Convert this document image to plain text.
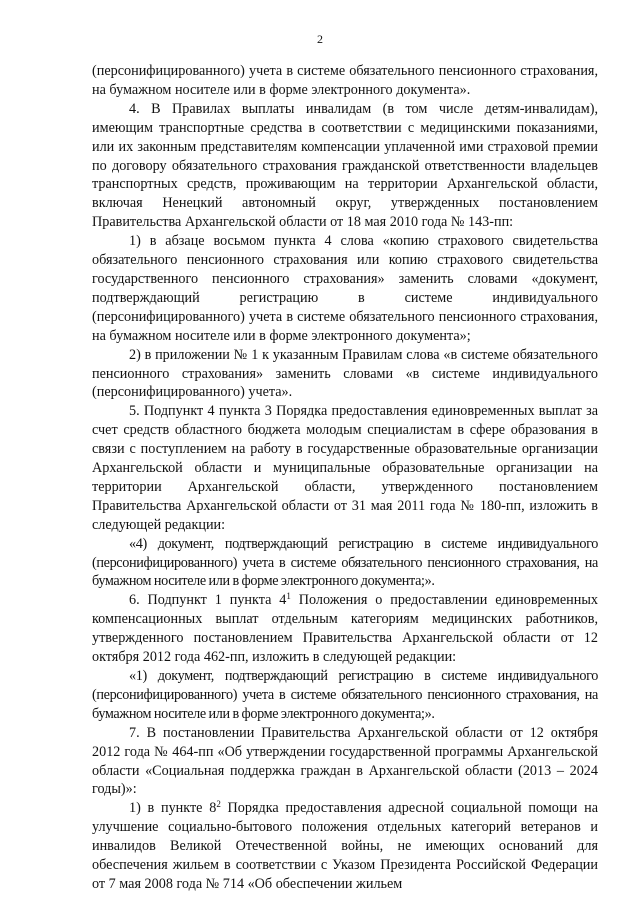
2

(персонифицированного) учета в системе обязательного пенсионного страхования, на бумажном носителе или в форме электронного документа».

4. В Правилах выплаты инвалидам (в том числе детям-инвалидам), имеющим транспортные средства в соответствии с медицинскими показаниями, или их законным представителям компенсации уплаченной ими страховой премии по договору обязательного страхования гражданской ответственности владельцев транспортных средств, проживающим на территории Архангельской области, включая Ненецкий автономный округ, утвержденных постановлением Правительства Архангельской области от 18 мая 2010 года № 143-пп:

1) в абзаце восьмом пункта 4 слова «копию страхового свидетельства обязательного пенсионного страхования или копию страхового свидетельства государственного пенсионного страхования» заменить словами «документ, подтверждающий регистрацию в системе индивидуального (персонифицированного) учета в системе обязательного пенсионного страхования, на бумажном носителе или в форме электронного документа»;

2) в приложении № 1 к указанным Правилам слова «в системе обязательного пенсионного страхования» заменить словами «в системе индивидуального (персонифицированного) учета».

5. Подпункт 4 пункта 3 Порядка предоставления единовременных выплат за счет средств областного бюджета молодым специалистам в сфере образования в связи с поступлением на работу в государственные образовательные организации Архангельской области и муниципальные образовательные организации на территории Архангельской области, утвержденного постановлением Правительства Архангельской области от 31 мая 2011 года № 180-пп, изложить в следующей редакции:

«4) документ, подтверждающий регистрацию в системе индивидуального (персонифицированного) учета в системе обязательного пенсионного страхования, на бумажном носителе или в форме электронного документа;».

6. Подпункт 1 пункта $4^1$ Положения о предоставлении единовременных компенсационных выплат отдельным категориям медицинских работников, утвержденного постановлением Правительства Архангельской области от 12 октября 2012 года 462-пп, изложить в следующей редакции:

«1) документ, подтверждающий регистрацию в системе индивидуального (персонифицированного) учета в системе обязательного пенсионного страхования, на бумажном носителе или в форме электронного документа;».

7. В постановлении Правительства Архангельской области от 12 октября 2012 года № 464-пп «Об утверждении государственной программы Архангельской области «Социальная поддержка граждан в Архангельской области (2013 – 2024 годы)»:

1) в пункте $8^2$ Порядка предоставления адресной социальной помощи на улучшение социально-бытового положения отдельных категорий ветеранов и инвалидов Великой Отечественной войны, не имеющих оснований для обеспечения жильем в соответствии с Указом Президента Российской Федерации от 7 мая 2008 года № 714 «Об обеспечении жильем
